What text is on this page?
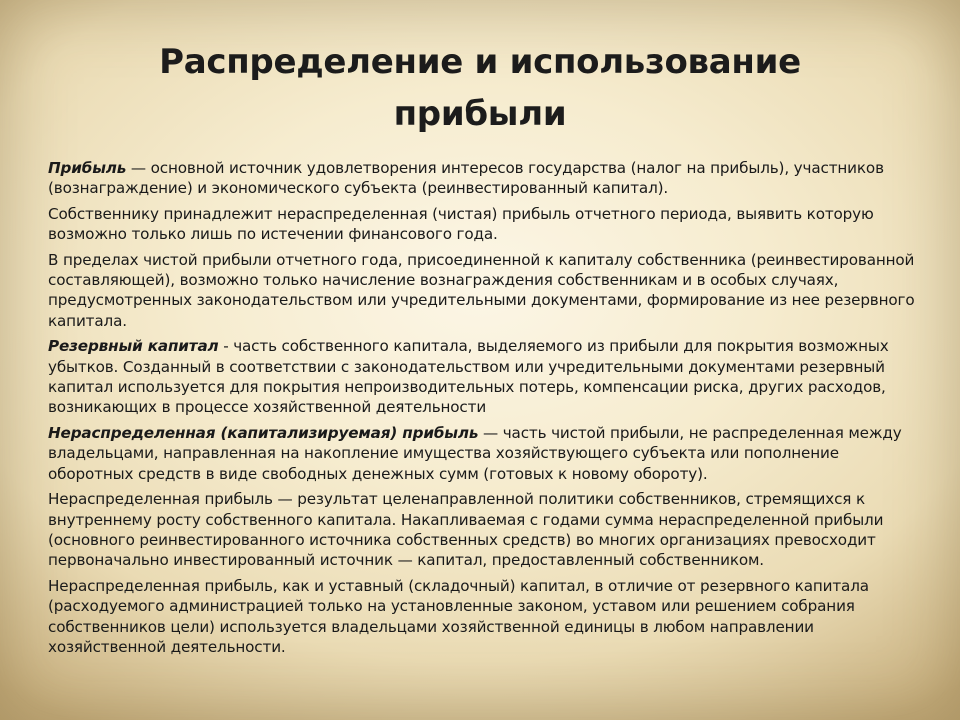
Распределение и использование
прибыли

Прибыль — основной источник удовлетворения интересов государства (налог на прибыль), участников (вознаграждение) и экономического субъекта (реинвестированный капитал).

Собственнику принадлежит нераспределенная (чистая) прибыль отчетного периода, выявить которую возможно только лишь по истечении финансового года.

В пределах чистой прибыли отчетного года, присоединенной к капиталу собственника (реинвестированной составляющей), возможно только начисление вознаграждения собственникам и в особых случаях, предусмотренных законодательством или учредительными документами, формирование из нее резервного капитала.

Резервный капитал - часть собственного капитала, выделяемого из прибыли для покрытия возможных убытков. Созданный в соответствии с законодательством или учредительными документами резервный капитал используется для покрытия непроизводительных потерь, компенсации риска, других расходов, возникающих в процессе хозяйственной деятельности

Нераспределенная (капитализируемая) прибыль — часть чистой прибыли, не распределенная между владельцами, направленная на накопление имущества хозяйствующего субъекта или пополнение оборотных средств в виде свободных денежных сумм (готовых к новому обороту).

Нераспределенная прибыль — результат целенаправленной политики собственников, стремящихся к внутреннему росту собственного капитала. Накапливаемая с годами сумма нераспределенной прибыли (основного реинвестированного источника собственных средств) во многих организациях превосходит первоначально инвестированный источник — капитал, предоставленный собственником.

Нераспределенная прибыль, как и уставный (складочный) капитал, в отличие от резервного капитала (расходуемого администрацией только на установленные законом, уставом или решением собрания собственников цели) используется владельцами хозяйственной единицы в любом направлении хозяйственной деятельности.
